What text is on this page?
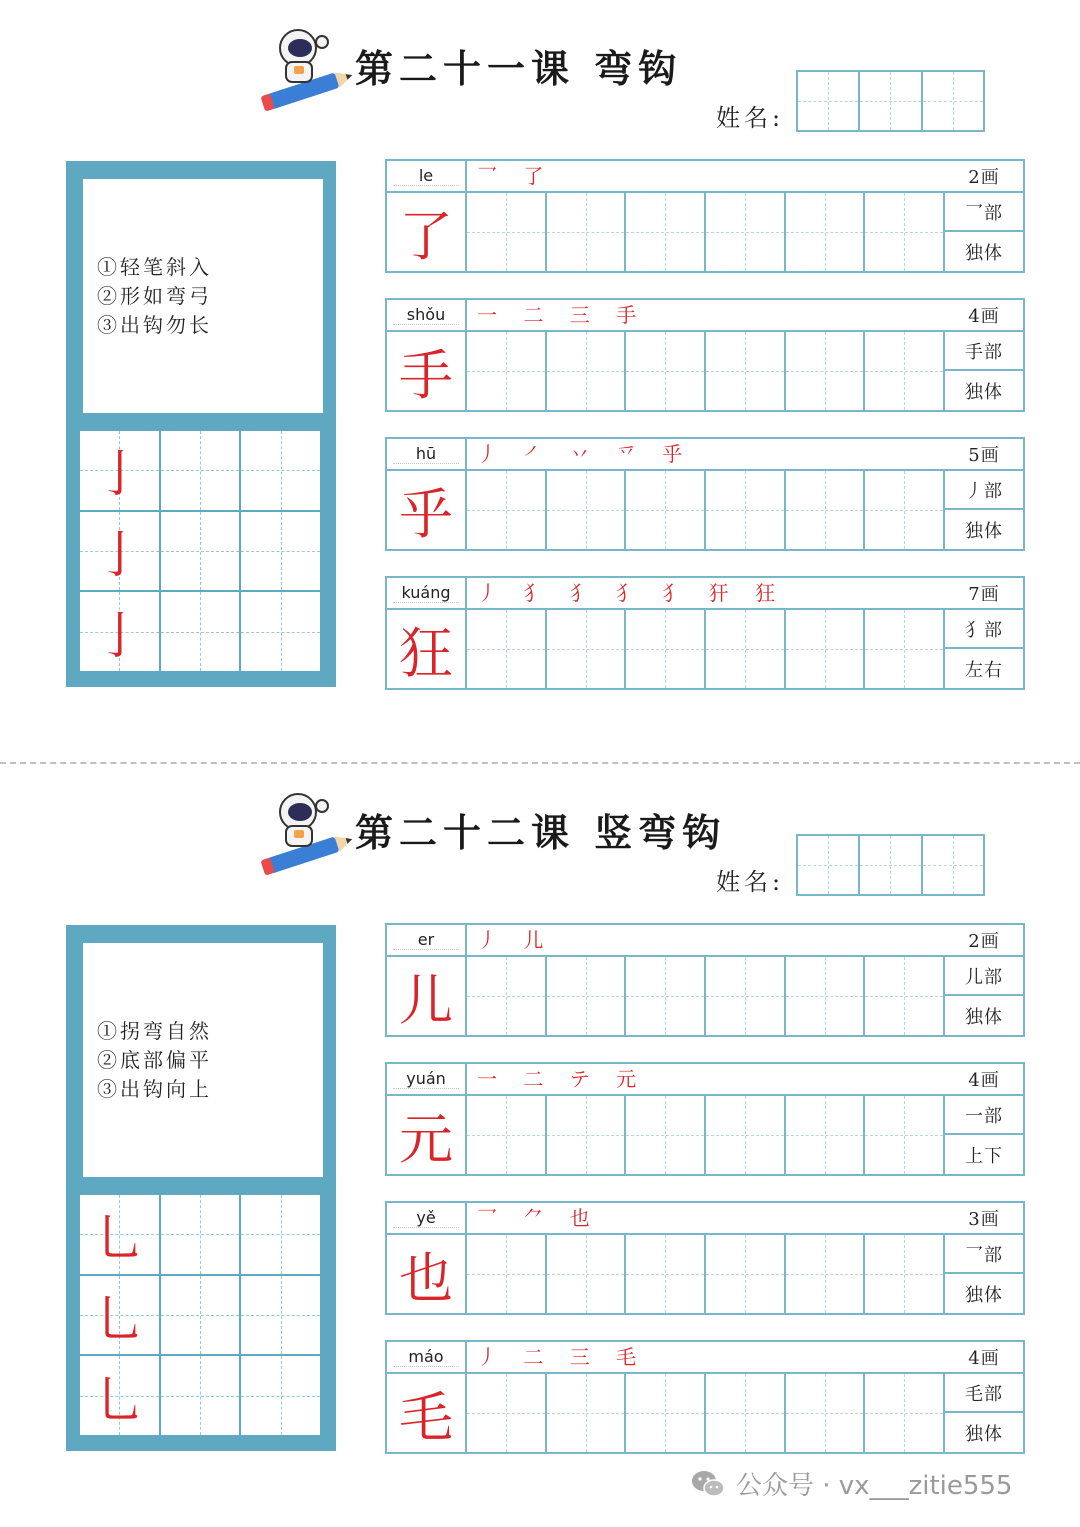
第二十一课 弯钩
姓名:
①轻笔斜入
②形如弯弓
③出钩勿长
亅
亅
亅
le	乛 了
了
2画
乛部
独体
shǒu	一 二 三 手
手
4画
手部
独体
hū	丿 ㇒ 丷 乊 乎
乎
5画
丿部
独体
kuáng	丿 犭 犭 犭 犭 犴 狂
狂
7画
犭部
左右
第二十二课 竖弯钩
姓名:
①拐弯自然
②底部偏平
③出钩向上
乚
乚
乚
er	丿 儿
儿
2画
儿部
独体
yuán	一 二 テ 元
元
4画
一部
上下
yě	乛 ⺈ 也
也
3画
乛部
独体
máo	丿 二 三 毛
毛
4画
毛部
独体
公众号 · vx___zitie555
